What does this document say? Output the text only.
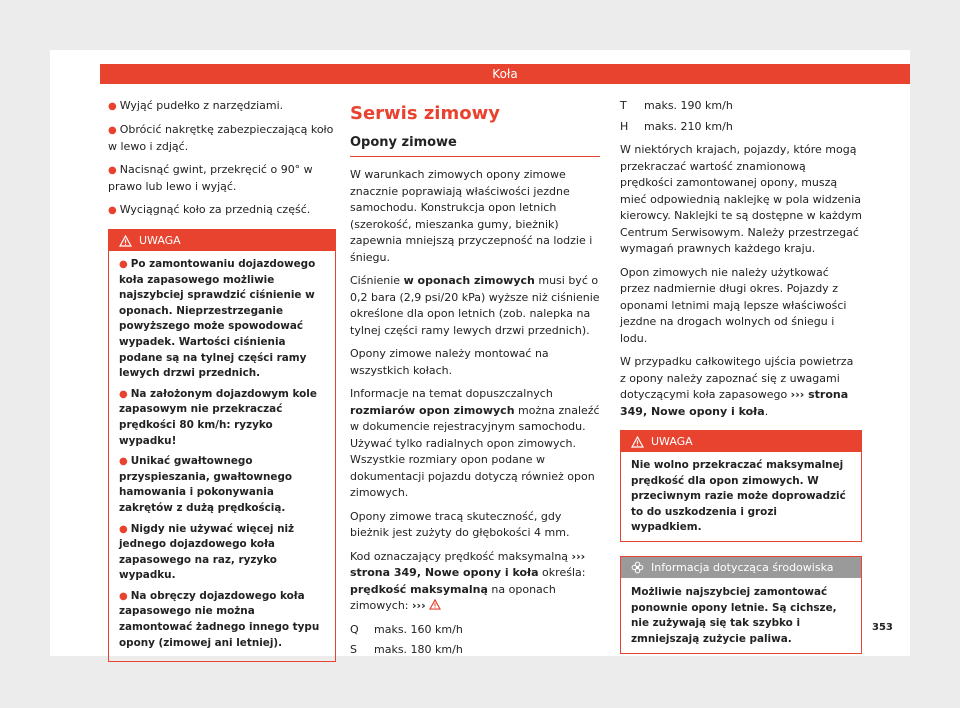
Koła
● Wyjąć pudełko z narzędziami.
● Obrócić nakrętkę zabezpieczającą koło w lewo i zdjąć.
● Nacisnąć gwint, przekręcić o 90° w prawo lub lewo i wyjąć.
● Wyciągnąć koło za przednią część.
UWAGA
● Po zamontowaniu dojazdowego koła zapasowego możliwie najszybciej sprawdzić ciśnienie w oponach. Nieprzestrzeganie powyższego może spowodować wypadek. Wartości ciśnienia podane są na tylnej części ramy lewych drzwi przednich.
● Na założonym dojazdowym kole zapasowym nie przekraczać prędkości 80 km/h: ryzyko wypadku!
● Unikać gwałtownego przyspieszania, gwałtownego hamowania i pokonywania zakrętów z dużą prędkością.
● Nigdy nie używać więcej niż jednego dojazdowego koła zapasowego na raz, ryzyko wypadku.
● Na obręczy dojazdowego koła zapasowego nie można zamontować żadnego innego typu opony (zimowej ani letniej).
Serwis zimowy
Opony zimowe

W warunkach zimowych opony zimowe znacznie poprawiają właściwości jezdne samochodu. Konstrukcja opon letnich (szerokość, mieszanka gumy, bieżnik) zapewnia mniejszą przyczepność na lodzie i śniegu.

Ciśnienie w oponach zimowych musi być o 0,2 bara (2,9 psi/20 kPa) wyższe niż ciśnienie określone dla opon letnich (zob. nalepka na tylnej części ramy lewych drzwi przednich).

Opony zimowe należy montować na wszystkich kołach.

Informacje na temat dopuszczalnych rozmiarów opon zimowych można znaleźć w dokumencie rejestracyjnym samochodu. Używać tylko radialnych opon zimowych. Wszystkie rozmiary opon podane w dokumentacji pojazdu dotyczą również opon zimowych.

Opony zimowe tracą skuteczność, gdy bieżnik jest zużyty do głębokości 4 mm.

Kod oznaczający prędkość maksymalną ››› strona 349, Nowe opony i koła określa: prędkość maksymalną na oponach zimowych: ›››

Q	maks. 160 km/h
S	maks. 180 km/h
T	maks. 190 km/h
H	maks. 210 km/h

W niektórych krajach, pojazdy, które mogą przekraczać wartość znamionową prędkości zamontowanej opony, muszą mieć odpowiednią naklejkę w pola widzenia kierowcy. Naklejki te są dostępne w każdym Centrum Serwisowym. Należy przestrzegać wymagań prawnych każdego kraju.

Opon zimowych nie należy użytkować przez nadmiernie długi okres. Pojazdy z oponami letnimi mają lepsze właściwości jezdne na drogach wolnych od śniegu i lodu.

W przypadku całkowitego ujścia powietrza z opony należy zapoznać się z uwagami dotyczącymi koła zapasowego ››› strona 349, Nowe opony i koła.

UWAGA
Nie wolno przekraczać maksymalnej prędkość dla opon zimowych. W przeciwnym razie może doprowadzić to do uszkodzenia i grozi wypadkiem.
Informacja dotycząca środowiska
Możliwie najszybciej zamontować ponownie opony letnie. Są cichsze, nie zużywają się tak szybko i zmniejszają zużycie paliwa.
